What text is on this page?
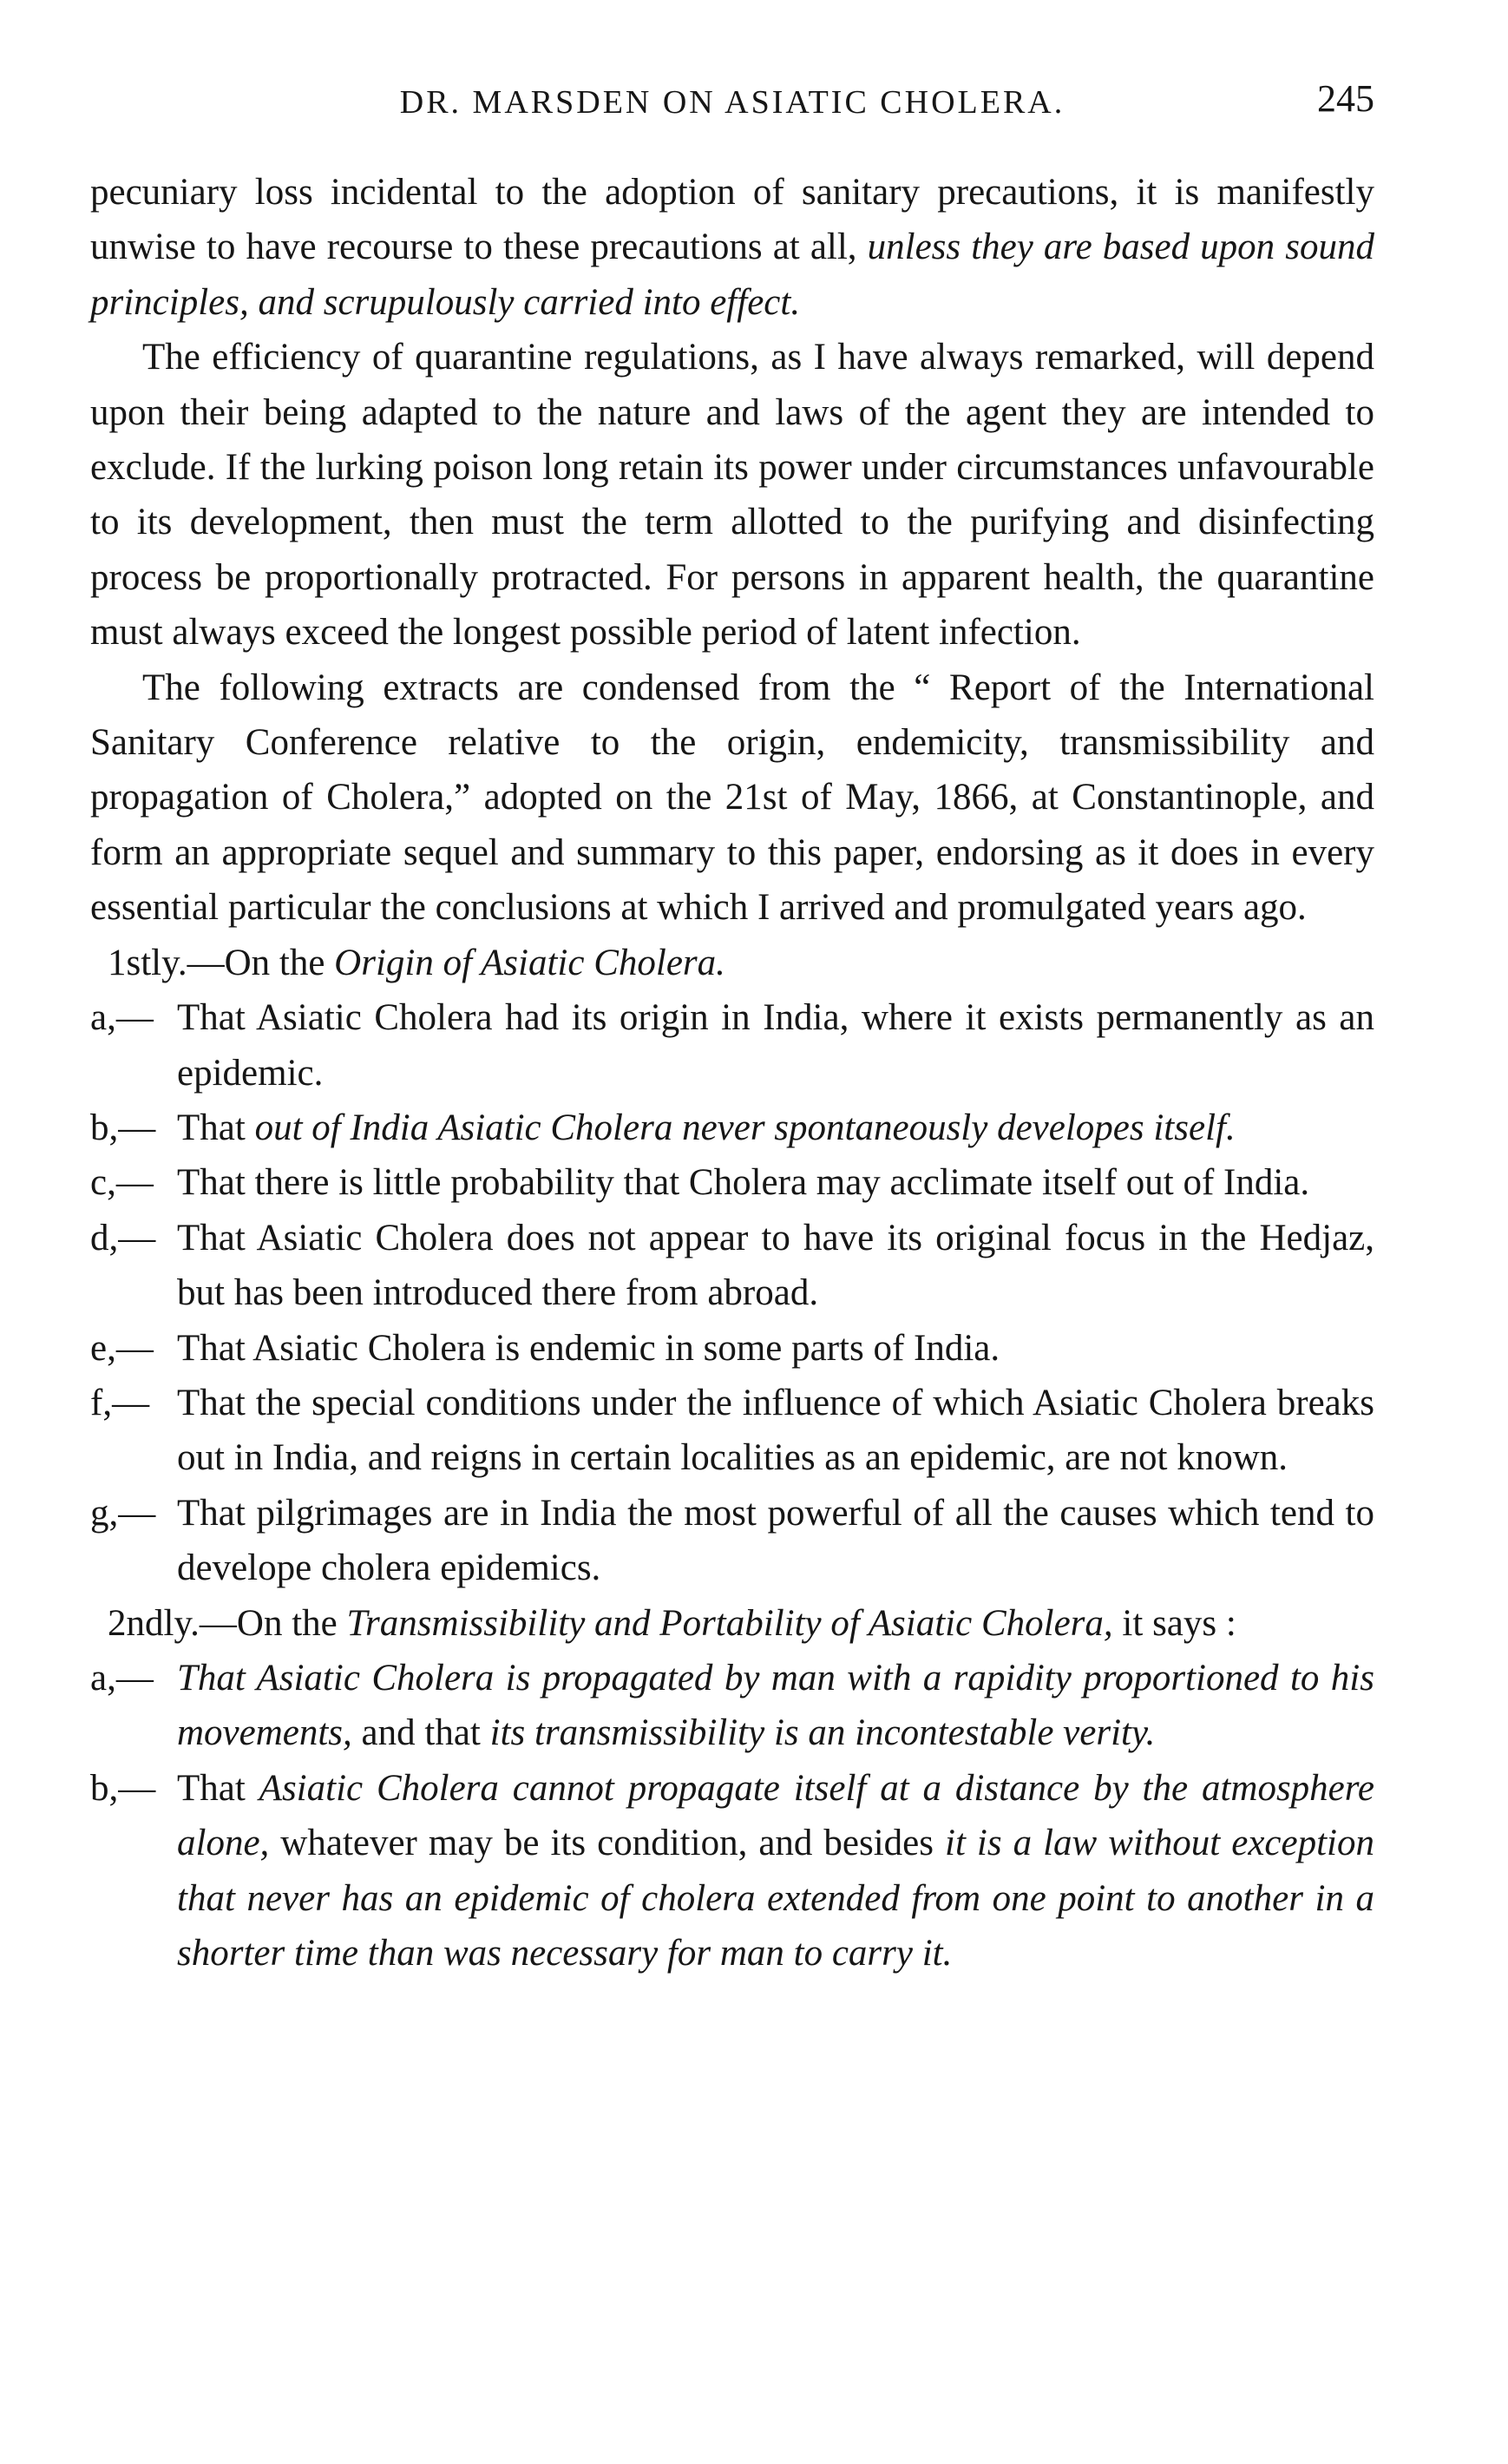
DR. MARSDEN ON ASIATIC CHOLERA.	245

pecuniary loss incidental to the adoption of sanitary precautions, it is manifestly unwise to have recourse to these precautions at all, unless they are based upon sound principles, and scrupulously carried into effect.

The efficiency of quarantine regulations, as I have always remarked, will depend upon their being adapted to the nature and laws of the agent they are intended to exclude. If the lurking poison long retain its power under circumstances unfavourable to its development, then must the term allotted to the purifying and disinfecting process be proportionally protracted. For persons in apparent health, the quarantine must always exceed the longest possible period of latent infection.

The following extracts are condensed from the “ Report of the International Sanitary Conference relative to the origin, endemicity, transmissibility and propagation of Cholera,” adopted on the 21st of May, 1866, at Constantinople, and form an appropriate sequel and summary to this paper, endorsing as it does in every essential particular the conclusions at which I arrived and promulgated years ago.

1stly.—On the Origin of Asiatic Cholera.

a,— That Asiatic Cholera had its origin in India, where it exists permanently as an epidemic.

b,— That out of India Asiatic Cholera never spontaneously developes itself.

c,— That there is little probability that Cholera may acclimate itself out of India.

d,— That Asiatic Cholera does not appear to have its original focus in the Hedjaz, but has been introduced there from abroad.

e,— That Asiatic Cholera is endemic in some parts of India.

f,— That the special conditions under the influence of which Asiatic Cholera breaks out in India, and reigns in certain localities as an epidemic, are not known.

g,— That pilgrimages are in India the most powerful of all the causes which tend to develope cholera epidemics.

2ndly.—On the Transmissibility and Portability of Asiatic Cholera, it says :

a,— That Asiatic Cholera is propagated by man with a rapidity proportioned to his movements, and that its transmissibility is an incontestable verity.

b,— That Asiatic Cholera cannot propagate itself at a distance by the atmosphere alone, whatever may be its condition, and besides it is a law without exception that never has an epidemic of cholera extended from one point to another in a shorter time than was necessary for man to carry it.
